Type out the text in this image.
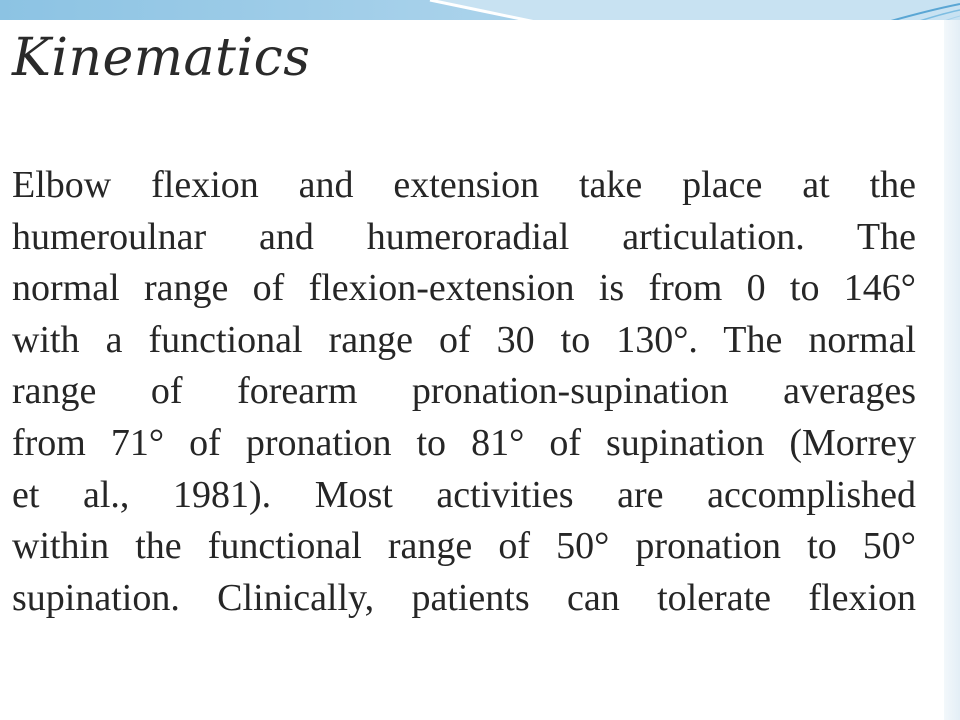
Kinematics
Elbow flexion and extension take place at the
humeroulnar and humeroradial articulation. The
normal range of flexion-extension is from 0 to 146°
with a functional range of 30 to 130°. The normal
range of forearm pronation-supination averages
from 71° of pronation to 81° of supination (Morrey
et al., 1981). Most activities are accomplished
within the functional range of 50° pronation to 50°
supination. Clinically, patients can tolerate flexion
